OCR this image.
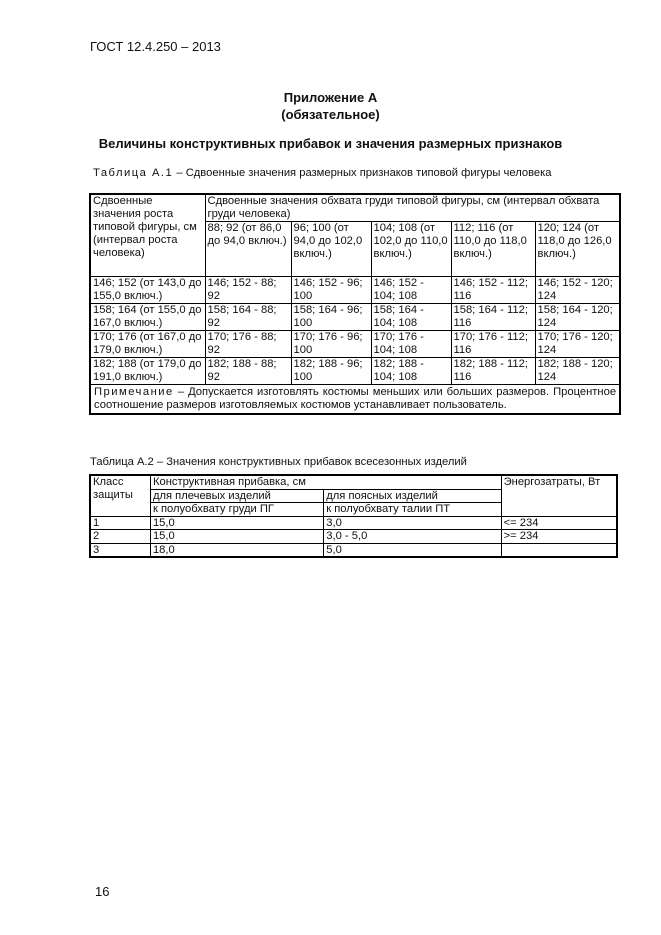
ГОСТ 12.4.250 – 2013
Приложение А
(обязательное)
Величины конструктивных прибавок и значения размерных признаков
Таблица А.1 – Сдвоенные значения размерных признаков типовой фигуры человека
Сдвоенные значения роста типовой фигуры, см (интервал роста человека)	Сдвоенные значения обхвата груди типовой фигуры, см (интервал обхвата груди человека)				
	88; 92 (от 86,0 до 94,0 включ.)	96; 100 (от 94,0 до 102,0 включ.)	104; 108 (от 102,0 до 110,0 включ.)	112; 116 (от 110,0 до 118,0 включ.)	120; 124 (от 118,0 до 126,0 включ.)
146; 152 (от 143,0 до 155,0 включ.)	146; 152 - 88; 92	146; 152 - 96; 100	146; 152 - 104; 108	146; 152 - 112; 116	146; 152 - 120; 124
158; 164 (от 155,0 до 167,0 включ.)	158; 164 - 88; 92	158; 164 - 96; 100	158; 164 - 104; 108	158; 164 - 112; 116	158; 164 - 120; 124
170; 176 (от 167,0 до 179,0 включ.)	170; 176 - 88; 92	170; 176 - 96; 100	170; 176 - 104; 108	170; 176 - 112; 116	170; 176 - 120; 124
182; 188 (от 179,0 до 191,0 включ.)	182; 188 - 88; 92	182; 188 - 96; 100	182; 188 - 104; 108	182; 188 - 112; 116	182; 188 - 120; 124
Примечание – Допускается изготовлять костюмы меньших или больших размеров. Процентное соотношение размеров изготовляемых костюмов устанавливает пользователь.					
Таблица А.2 – Значения конструктивных прибавок всесезонных изделий
Класс защиты	Конструктивная прибавка, см		Энергозатраты, Вт
	для плечевых изделий	для поясных изделий	
	к полуобхвату груди ПГ	к полуобхвату талии ПТ	
1	15,0	3,0	<= 234
2	15,0	3,0 - 5,0	>= 234
3	18,0	5,0	
16
